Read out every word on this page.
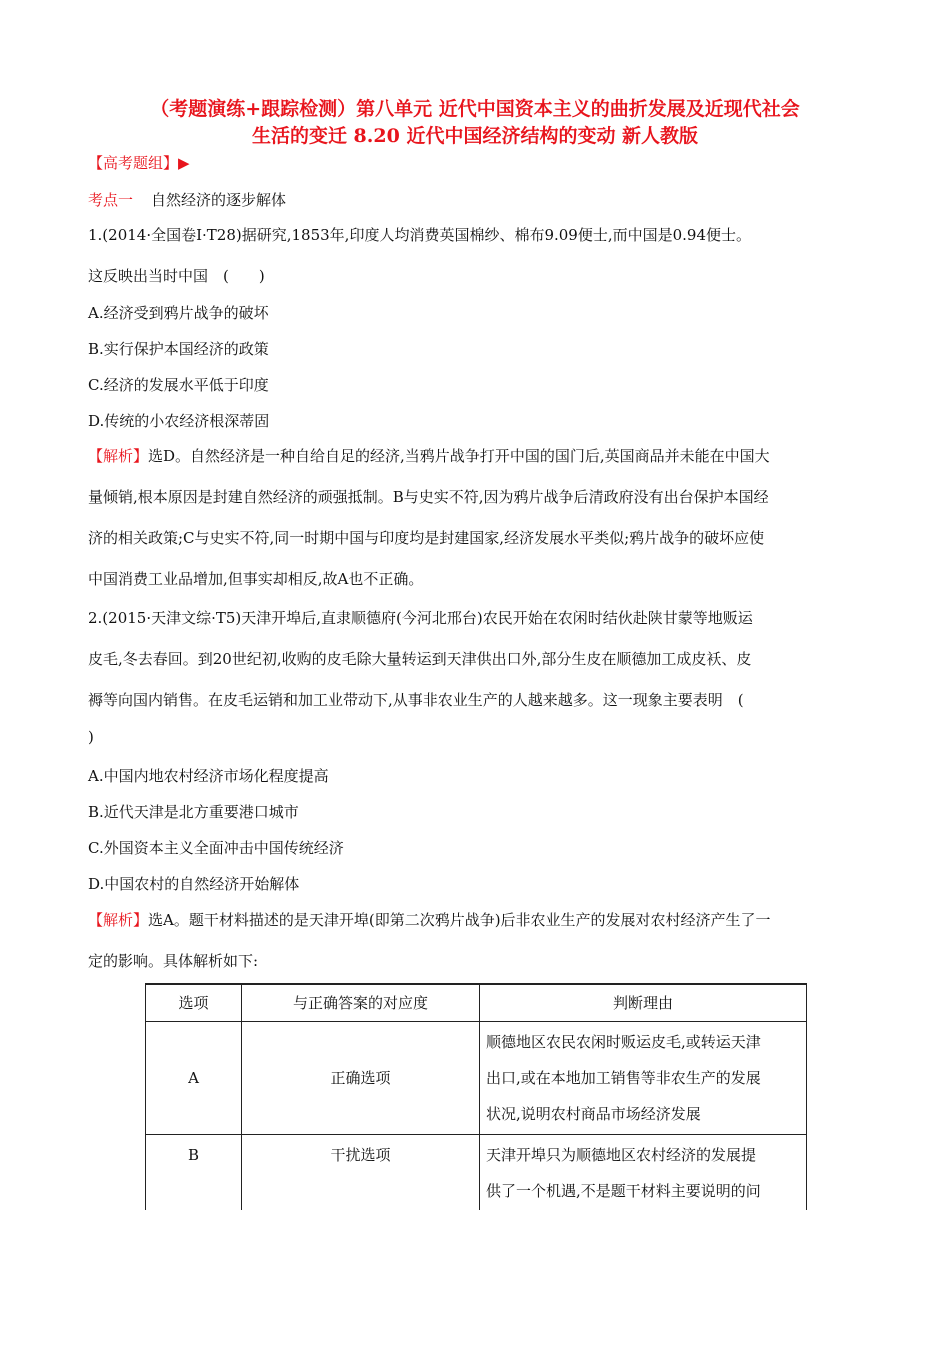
（考题演练+跟踪检测）第八单元 近代中国资本主义的曲折发展及近现代社会
生活的变迁 8.20 近代中国经济结构的变动 新人教版
【高考题组】▶
考点一 自然经济的逐步解体
1.(2014·全国卷Ⅰ·T28)据研究,1853年,印度人均消费英国棉纱、棉布9.09便士,而中国是0.94便士。
这反映出当时中国　(　　)
A.经济受到鸦片战争的破坏
B.实行保护本国经济的政策
C.经济的发展水平低于印度
D.传统的小农经济根深蒂固
【解析】选D。自然经济是一种自给自足的经济,当鸦片战争打开中国的国门后,英国商品并未能在中国大
量倾销,根本原因是封建自然经济的顽强抵制。B与史实不符,因为鸦片战争后清政府没有出台保护本国经
济的相关政策;C与史实不符,同一时期中国与印度均是封建国家,经济发展水平类似;鸦片战争的破坏应使
中国消费工业品增加,但事实却相反,故A也不正确。
2.(2015·天津文综·T5)天津开埠后,直隶顺德府(今河北邢台)农民开始在农闲时结伙赴陕甘蒙等地贩运
皮毛,冬去春回。到20世纪初,收购的皮毛除大量转运到天津供出口外,部分生皮在顺德加工成皮袄、皮
褥等向国内销售。在皮毛运销和加工业带动下,从事非农业生产的人越来越多。这一现象主要表明　(
)
A.中国内地农村经济市场化程度提高
B.近代天津是北方重要港口城市
C.外国资本主义全面冲击中国传统经济
D.中国农村的自然经济开始解体
【解析】选A。题干材料描述的是天津开埠(即第二次鸦片战争)后非农业生产的发展对农村经济产生了一
定的影响。具体解析如下:
选项	与正确答案的对应度	判断理由
A	正确选项	顺德地区农民农闲时贩运皮毛,或转运天津
出口,或在本地加工销售等非农生产的发展
状况,说明农村商品市场经济发展

B	干扰选项	天津开埠只为顺德地区农村经济的发展提
供了一个机遇,不是题干材料主要说明的问
